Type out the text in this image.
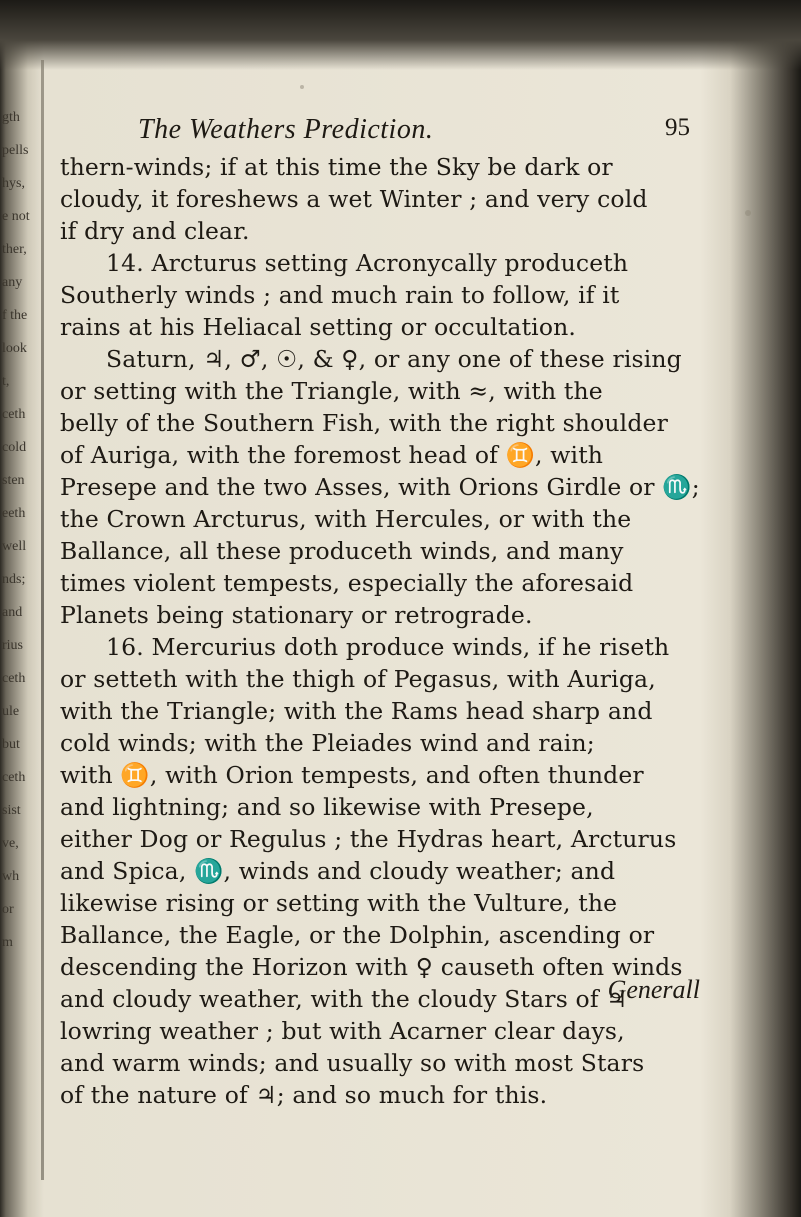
gth
pells
hys,
e not
ther,
any
f the
look
t,
ceth
cold
sten
eeth
well
nds;
and
rius
ceth
ule
but
ceth
sist
ve,
wh
or
m
The Weathers Prediction.	95
thern-winds; if at this time the Sky be dark or
cloudy, it foreshews a wet Winter ; and very cold
if dry and clear.
14. Arcturus setting Acronycally produceth
Southerly winds ; and much rain to follow, if it
rains at his Heliacal setting or occultation.
Saturn, ♃, ♂, ☉, & ♀, or any one of these rising
or setting with the Triangle, with ≈, with the
belly of the Southern Fish, with the right shoulder
of Auriga, with the foremost head of ♊, with
Presepe and the two Asses, with Orions Girdle or ♏;
the Crown Arcturus, with Hercules, or with the
Ballance, all these produceth winds, and many
times violent tempests, especially the aforesaid
Planets being stationary or retrograde.
16. Mercurius doth produce winds, if he riseth
or setteth with the thigh of Pegasus, with Auriga,
with the Triangle; with the Rams head sharp and
cold winds; with the Pleiades wind and rain;
with ♊, with Orion tempests, and often thunder
and lightning; and so likewise with Presepe,
either Dog or Regulus ; the Hydras heart, Arcturus
and Spica, ♏, winds and cloudy weather; and
likewise rising or setting with the Vulture, the
Ballance, the Eagle, or the Dolphin, ascending or
descending the Horizon with ♀ causeth often winds
and cloudy weather, with the cloudy Stars of ♃
lowring weather ; but with Acarner clear days,
and warm winds; and usually so with most Stars
of the nature of ♃; and so much for this.
Generall
